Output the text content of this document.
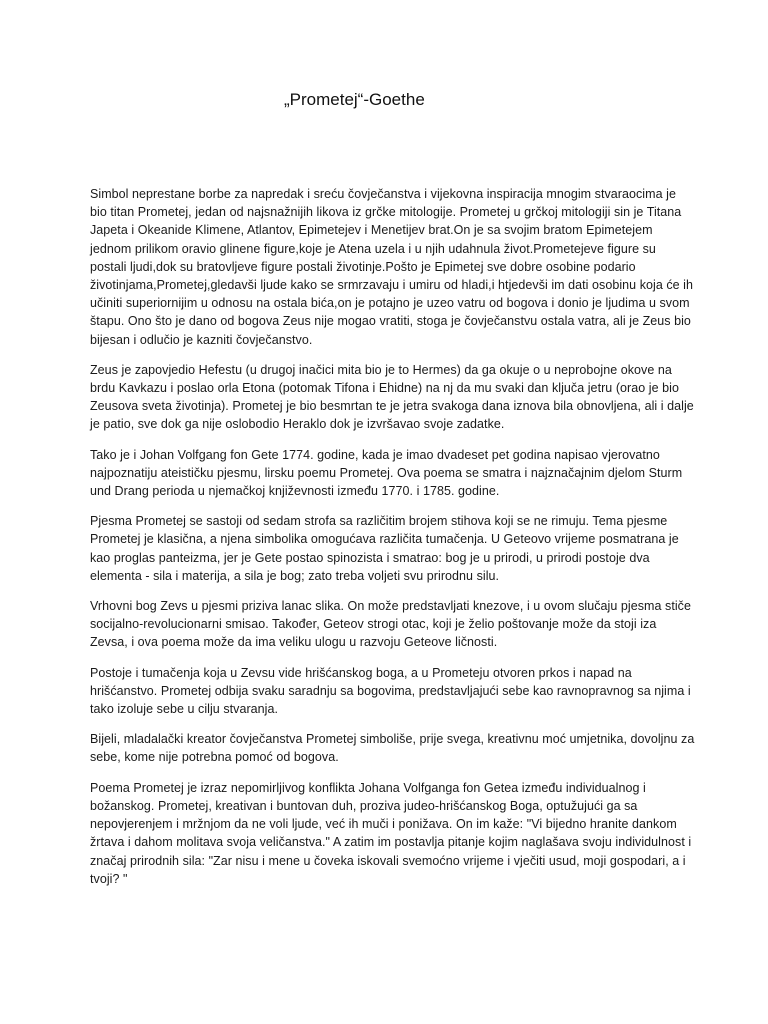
„Prometej“-Goethe

Simbol neprestane borbe za napredak i sreću čovječanstva i vijekovna inspiracija mnogim stvaraocima je bio titan Prometej, jedan od najsnažnijih likova iz grčke mitologije. Prometej u grčkoj mitologiji sin je Titana Japeta i Okeanide Klimene, Atlantov, Epimetejev i Menetijev brat.On je sa svojim bratom Epimetejem jednom prilikom oravio glinene figure,koje je Atena uzela i u njih udahnula život.Prometejeve figure su postali ljudi,dok su bratovljeve figure postali životinje.Pošto je Epimetej sve dobre osobine podario životinjama,Prometej,gledavši ljude kako se srmrzavaju i umiru od hladi,i htjedevši im dati osobinu koja će ih učiniti superiornijim u odnosu na ostala bića,on je potajno je uzeo vatru od bogova i donio je ljudima u svom štapu. Ono što je dano od bogova Zeus nije mogao vratiti, stoga je čovječanstvu ostala vatra, ali je Zeus bio bijesan i odlučio je kazniti čovječanstvo.

Zeus je zapovjedio Hefestu (u drugoj inačici mita bio je to Hermes) da ga okuje o u neprobojne okove na brdu Kavkazu i poslao orla Etona (potomak Tifona i Ehidne) na nj da mu svaki dan ključa jetru (orao je bio Zeusova sveta životinja). Prometej je bio besmrtan te je jetra svakoga dana iznova bila obnovljena, ali i dalje je patio, sve dok ga nije oslobodio Heraklo dok je izvršavao svoje zadatke.

Tako je i Johan Volfgang fon Gete 1774. godine, kada je imao dvadeset pet godina napisao vjerovatno najpoznatiju ateističku pjesmu, lirsku poemu Prometej. Ova poema se smatra i najznačajnim djelom Sturm und Drang perioda u njemačkoj književnosti između 1770. i 1785. godine.

Pjesma Prometej se sastoji od sedam strofa sa različitim brojem stihova koji se ne rimuju. Tema pjesme Prometej je klasična, a njena simbolika omogućava različita tumačenja. U Geteovo vrijeme posmatrana je kao proglas panteizma, jer je Gete postao spinozista i smatrao: bog je u prirodi, u prirodi postoje dva elementa - sila i materija, a sila je bog; zato treba voljeti svu prirodnu silu.

Vrhovni bog Zevs u pjesmi priziva lanac slika. On može predstavljati knezove, i u ovom slučaju pjesma stiče socijalno-revolucionarni smisao. Također, Geteov strogi otac, koji je želio poštovanje može da stoji iza Zevsa, i ova poema može da ima veliku ulogu u razvoju Geteove ličnosti.

Postoje i tumačenja koja u Zevsu vide hrišćanskog boga, a u Prometeju otvoren prkos i napad na hrišćanstvo. Prometej odbija svaku saradnju sa bogovima, predstavljajući sebe kao ravnopravnog sa njima i tako izoluje sebe u cilju stvaranja.

Bijeli, mladalački kreator čovječanstva Prometej simboliše, prije svega, kreativnu moć umjetnika, dovoljnu za sebe, kome nije potrebna pomoć od bogova.

Poema Prometej je izraz nepomirljivog konflikta Johana Volfganga fon Getea između individualnog i božanskog. Prometej, kreativan i buntovan duh, proziva judeo-hrišćanskog Boga, optužujući ga sa nepovjerenjem i mržnjom da ne voli ljude, već ih muči i ponižava. On im kaže: "Vi bijedno hranite dankom žrtava i dahom molitava svoja veličanstva." A zatim im postavlja pitanje kojim naglašava svoju individulnost i značaj prirodnih sila: "Zar nisu i mene u čoveka iskovali svemoćno vrijeme i vječiti usud, moji gospodari, a i tvoji? "
